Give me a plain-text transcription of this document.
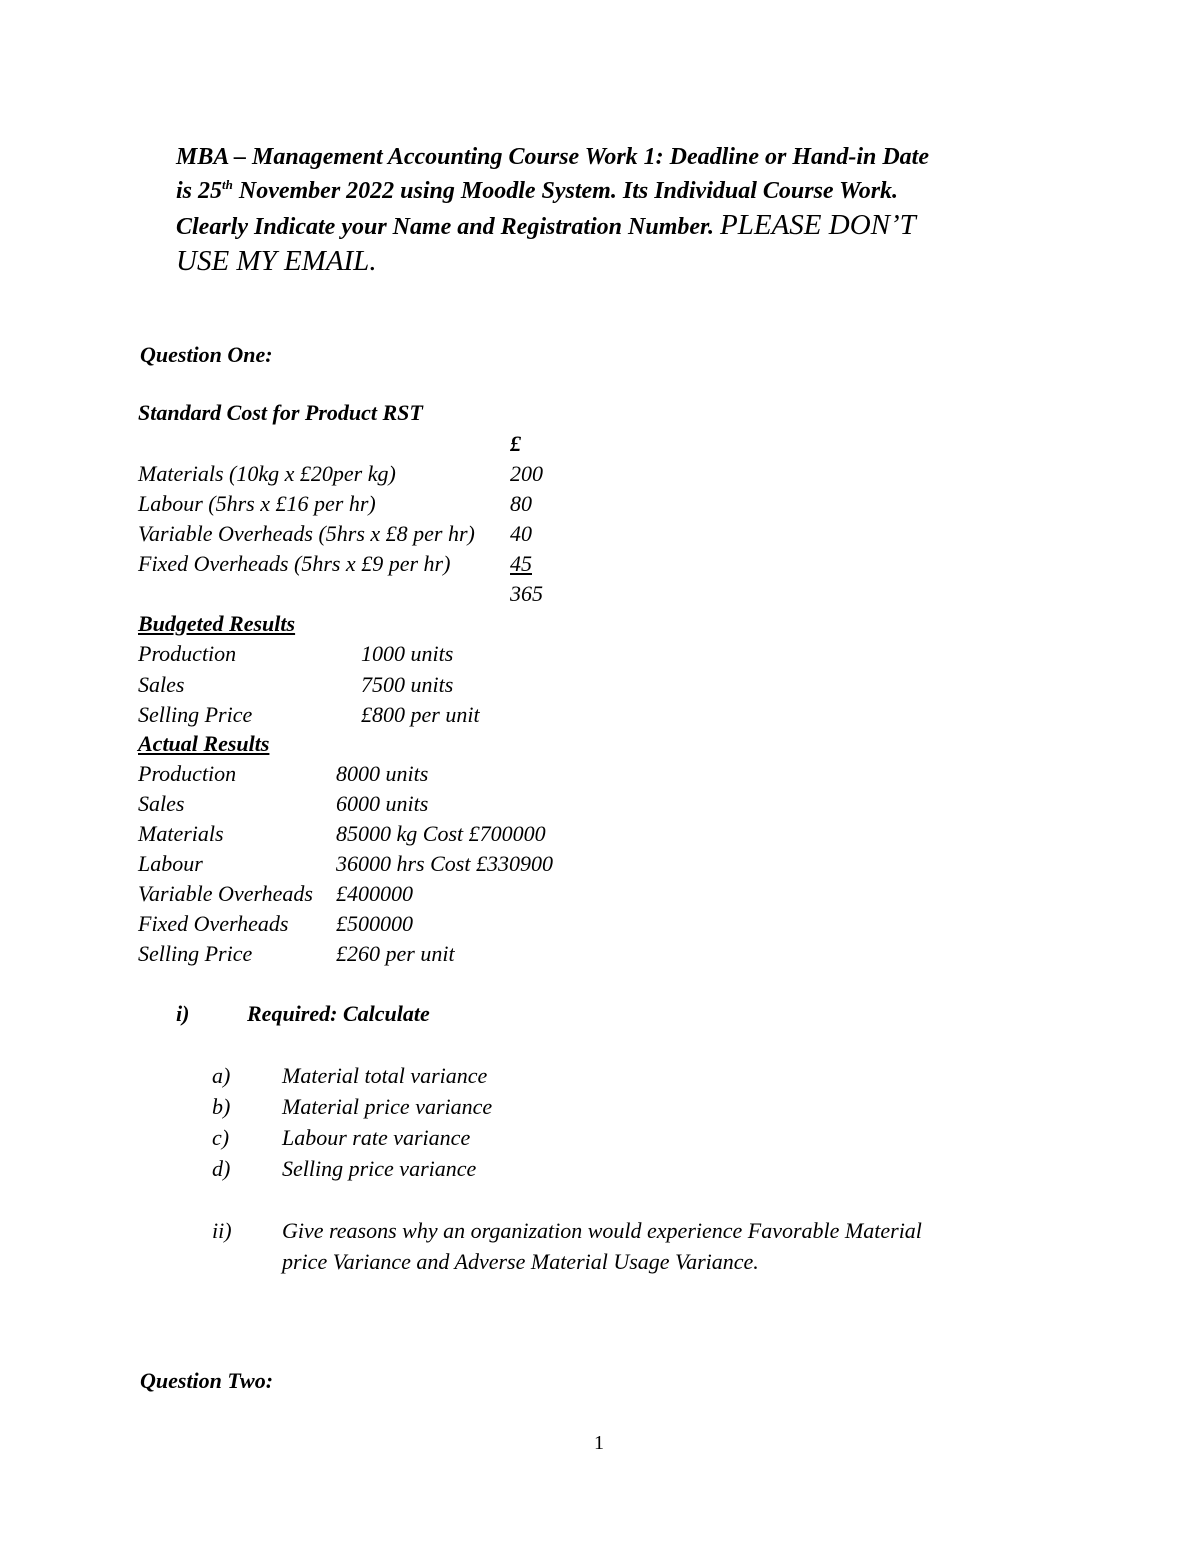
MBA – Management Accounting Course Work 1: Deadline or Hand-in Date
is 25th November 2022 using Moodle System. Its Individual Course Work.
Clearly Indicate your Name and Registration Number. PLEASE DON’T
USE MY EMAIL.
Question One:
Standard Cost for Product RST
£
Materials (10kg x £20per kg)	200
Labour (5hrs x £16 per hr)	80
Variable Overheads (5hrs x £8 per hr) 40
Fixed Overheads (5hrs x £9 per hr)	45
365
Budgeted Results
Production	1000 units
Sales	7500 units
Selling Price	£800 per unit
Actual Results
Production	8000 units
Sales	6000 units
Materials	85000 kg Cost £700000
Labour	36000 hrs Cost £330900
Variable Overheads £400000
Fixed Overheads £500000
Selling Price	£260 per unit
i)	Required: Calculate
a) Material total variance
b) Material price variance
c) Labour rate variance
d) Selling price variance
ii) Give reasons why an organization would experience Favorable Material
price Variance and Adverse Material Usage Variance.
Question Two:
1
